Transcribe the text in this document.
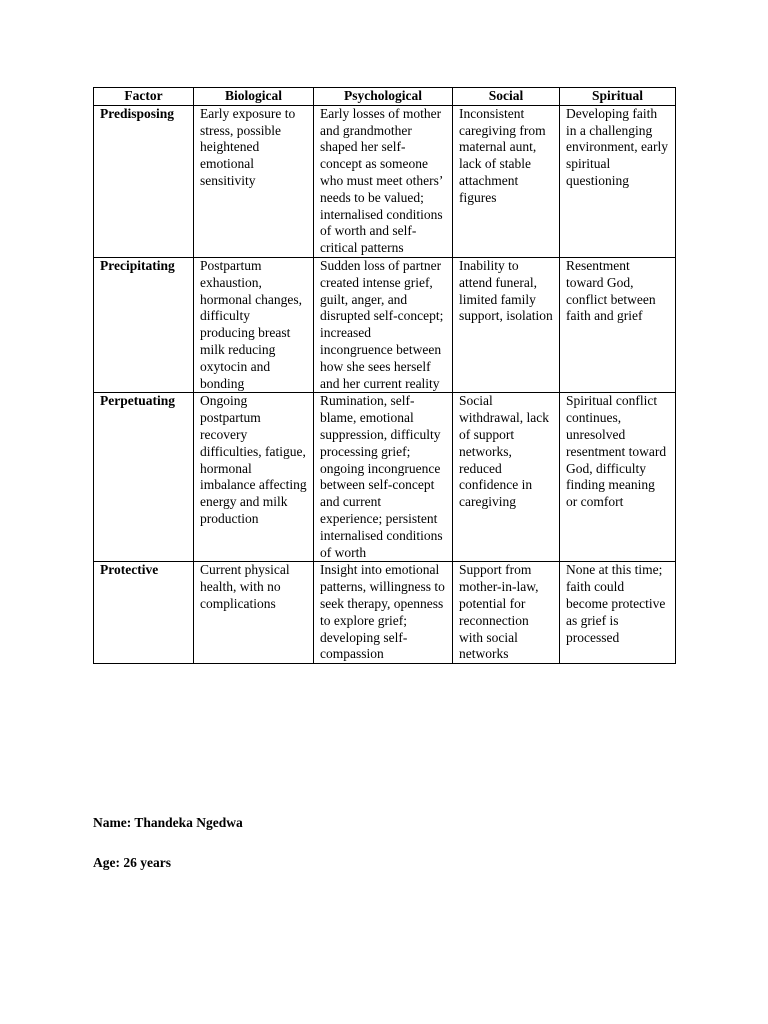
Factor	Biological	Psychological	Social	Spiritual
Predisposing	Early exposure to stress, possible heightened emotional sensitivity	Early losses of mother and grandmother shaped her self-concept as someone who must meet others’ needs to be valued; internalised conditions of worth and self-critical patterns	Inconsistent caregiving from maternal aunt, lack of stable attachment figures	Developing faith in a challenging environment, early spiritual questioning
Precipitating	Postpartum exhaustion, hormonal changes, difficulty producing breast milk reducing oxytocin and bonding	Sudden loss of partner created intense grief, guilt, anger, and disrupted self-concept; increased incongruence between how she sees herself and her current reality	Inability to attend funeral, limited family support, isolation	Resentment toward God, conflict between faith and grief
Perpetuating	Ongoing postpartum recovery difficulties, fatigue, hormonal imbalance affecting energy and milk production	Rumination, self-blame, emotional suppression, difficulty processing grief; ongoing incongruence between self-concept and current experience; persistent internalised conditions of worth	Social withdrawal, lack of support networks, reduced confidence in caregiving	Spiritual conflict continues, unresolved resentment toward God, difficulty finding meaning or comfort
Protective	Current physical health, with no complications	Insight into emotional patterns, willingness to seek therapy, openness to explore grief; developing self-compassion	Support from mother-in-law, potential for reconnection with social networks	None at this time; faith could become protective as grief is processed
Name: Thandeka Ngedwa
Age: 26 years
